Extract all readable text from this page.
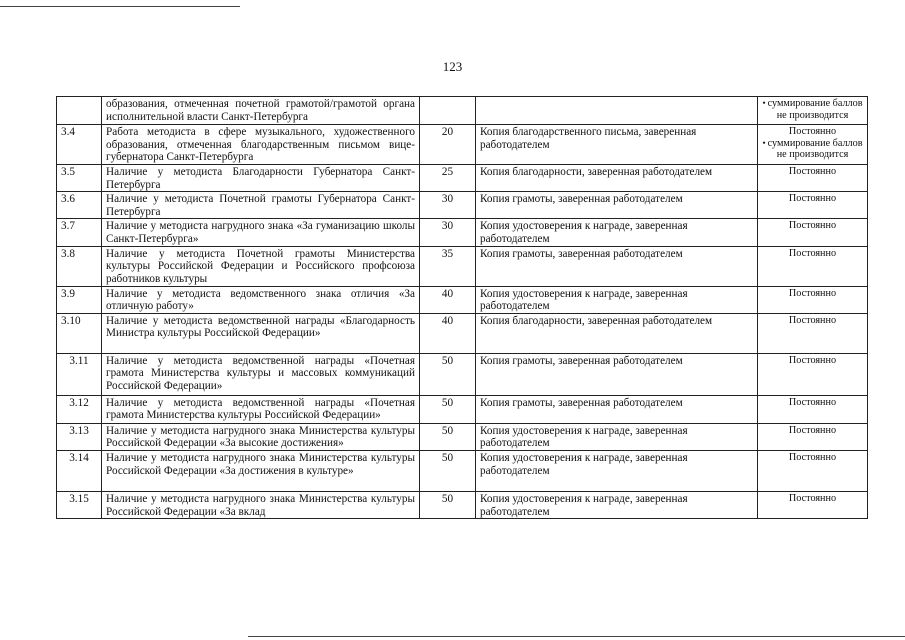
123
	образования, отмеченная почетной грамотой/грамотой органа исполнительной власти Санкт-Петербурга			• суммирование баллов не производится

3.4	Работа методиста в сфере музыкального, художественного образования, отмеченная благодарственным письмом вице-губернатора Санкт-Петербурга	20	Копия благодарственного письма, заверенная работодателем	Постоянно
• суммирование баллов не производится

3.5	Наличие у методиста Благодарности Губернатора Санкт-Петербурга	25	Копия благодарности, заверенная работодателем	Постоянно
3.6	Наличие у методиста Почетной грамоты Губернатора Санкт-Петербурга	30	Копия грамоты, заверенная работодателем	Постоянно
3.7	Наличие у методиста нагрудного знака «За гуманизацию школы Санкт-Петербурга»	30	Копия удостоверения к награде, заверенная работодателем	Постоянно
3.8	Наличие у методиста Почетной грамоты Министерства культуры Российской Федерации и Российского профсоюза работников культуры	35	Копия грамоты, заверенная работодателем	Постоянно
3.9	Наличие у методиста ведомственного знака отличия «За отличную работу»	40	Копия удостоверения к награде, заверенная работодателем	Постоянно
3.10	Наличие у методиста ведомственной награды «Благодарность Министра культуры Российской Федерации»	40	Копия благодарности, заверенная работодателем	Постоянно
3.11	Наличие у методиста ведомственной награды «Почетная грамота Министерства культуры и массовых коммуникаций Российской Федерации»	50	Копия грамоты, заверенная работодателем	Постоянно
3.12	Наличие у методиста ведомственной награды «Почетная грамота Министерства культуры Российской Федерации»	50	Копия грамоты, заверенная работодателем	Постоянно
3.13	Наличие у методиста нагрудного знака Министерства культуры Российской Федерации «За высокие достижения»	50	Копия удостоверения к награде, заверенная работодателем	Постоянно
3.14	Наличие у методиста нагрудного знака Министерства культуры Российской Федерации «За достижения в культуре»	50	Копия удостоверения к награде, заверенная работодателем	Постоянно
3.15	Наличие у методиста нагрудного знака Министерства культуры Российской Федерации «За вклад	50	Копия удостоверения к награде, заверенная работодателем	Постоянно
